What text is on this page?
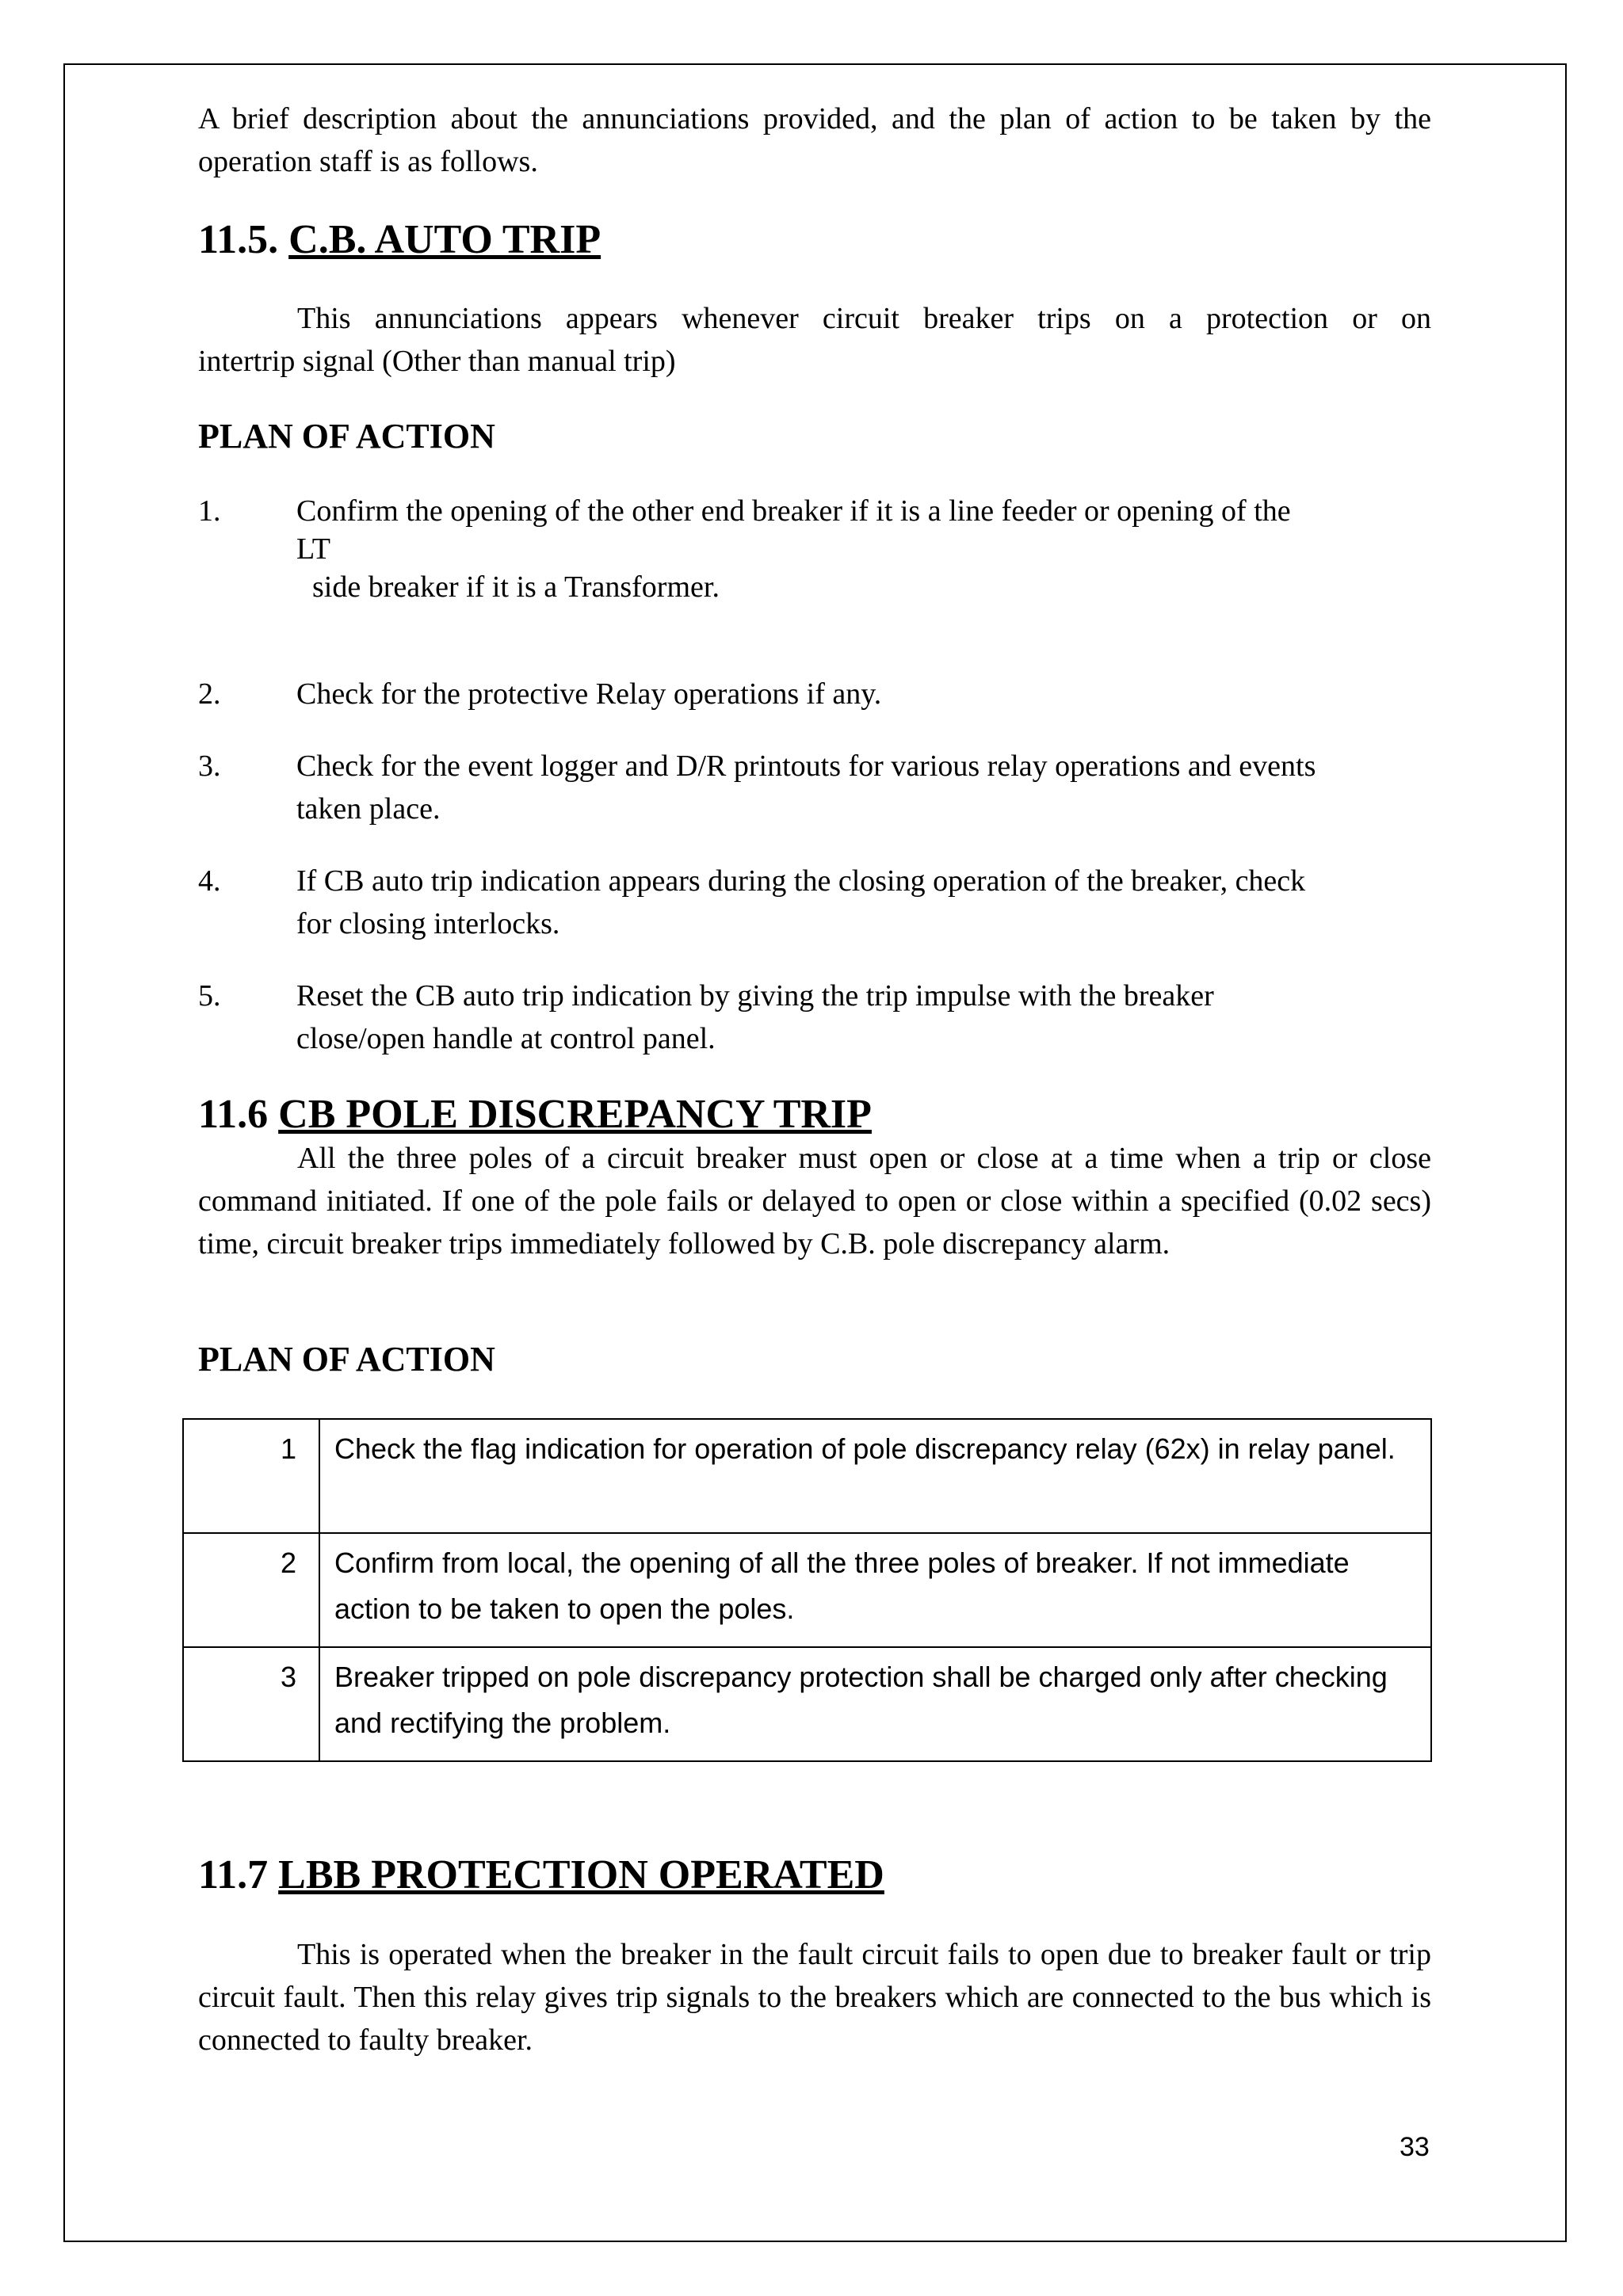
A brief description about the annunciations provided, and the plan of action to be taken by the operation staff is as follows.

11.5. C.B. AUTO TRIP
This annunciations appears whenever circuit breaker trips on a protection or on
intertrip signal (Other than manual trip)
PLAN OF ACTION
1.	Confirm the opening of the other end breaker if it is a line feeder or opening of the
LT
side breaker if it is a Transformer.
2.	Check for the protective Relay operations if any.
3.	Check for the event logger and D/R printouts for various relay operations and events
taken place.
4.	If CB auto trip indication appears during the closing operation of the breaker, check
for closing interlocks.
5.	Reset the CB auto trip indication by giving the trip impulse with the breaker
close/open handle at control panel.
11.6 CB POLE DISCREPANCY TRIP

All the three poles of a circuit breaker must open or close at a time when a trip or close command initiated. If one of the pole fails or delayed to open or close within a specified (0.02 secs) time, circuit breaker trips immediately followed by C.B. pole discrepancy alarm.

PLAN OF ACTION
1	Check the flag indication for operation of pole discrepancy relay (62x) in relay panel.
2	Confirm from local, the opening of all the three poles of breaker. If not immediate action to be taken to open the poles.
3	Breaker tripped on pole discrepancy protection shall be charged only after checking and rectifying the problem.
11.7 LBB PROTECTION OPERATED

This is operated when the breaker in the fault circuit fails to open due to breaker fault or trip circuit fault. Then this relay gives trip signals to the breakers which are connected to the bus which is connected to faulty breaker.

33
